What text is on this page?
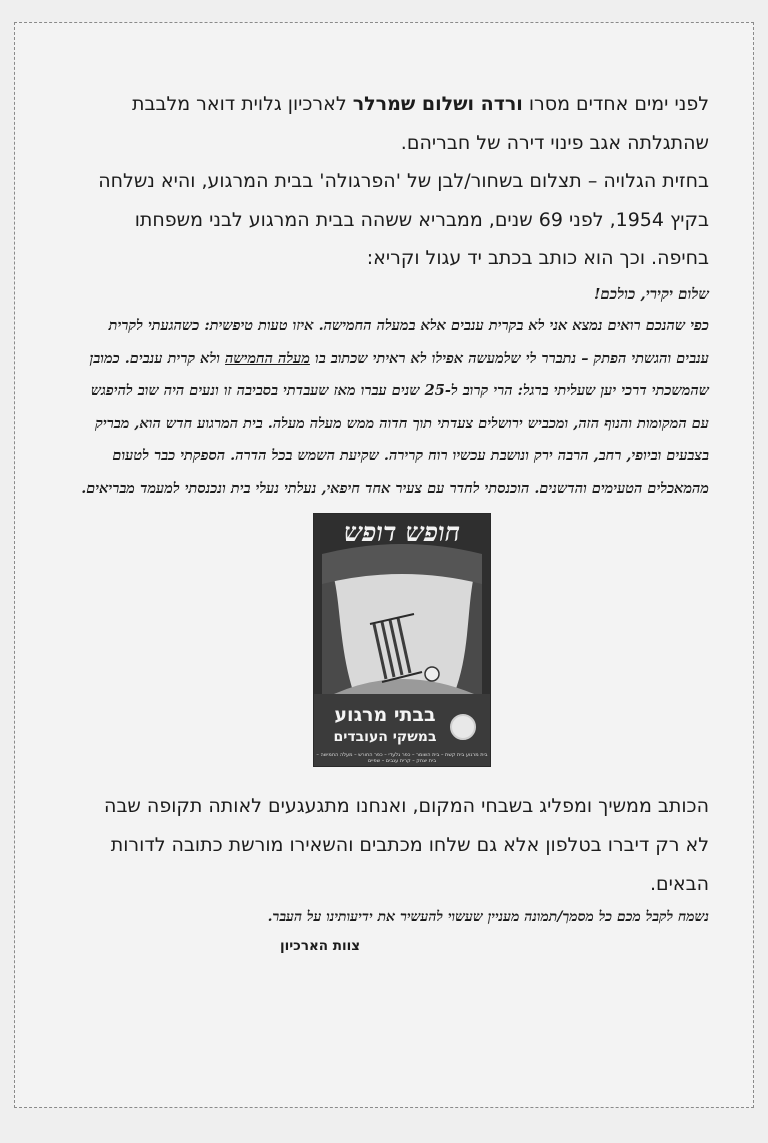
לפני ימים אחדים מסרו ורדה ושלום שמרלר לארכיון גלוית דואר מלבבת שהתגלתה אגב פינוי דירה של חבריהם.

בחזית הגלויה – תצלום בשחור/לבן של 'הפרגולה' בבית המרגוע, והיא נשלחה בקיץ 1954, לפני 69 שנים, ממבריא ששהה בבית המרגוע לבני משפחתו בחיפה. וכך הוא כותב בכתב יד עגול וקריא:

שלום יקירי, כולכם!

כפי שהנכם רואים נמצא אני לא בקרית ענבים אלא במעלה החמישה. איזו טעות טיפשית: כשהגעתי לקרית ענבים והגשתי הפתק – נתברר לי שלמעשה אפילו לא ראיתי שכתוב בו מעלה החמישה ולא קרית ענבים. כמובן שהמשכתי דרכי יען שעליתי ברגל: הרי קרוב ל-25 שנים עברו מאז שעבדתי בסביבה זו ונעים היה שוב להיפגש עם המקומות והנוף הזה, ומכביש ירושלים צעדתי תוך חדוה ממש מעלה מעלה. בית המרגוע חדש הוא, מבריק בצבעים וביופי, רחב, הרבה ירק ונושבת עכשיו רוח קרירה. שקיעת השמש בכל הדרה. הספקתי כבר לטעום מהמאכלים הטעימים והדשנים. הוכנסתי לחדר עם צעיר אחד חיפאי, נעלתי נעלי בית ונכנסתי למעמד מבריאים.

חופש דופש
בבתי מרגוע
במשקי העובדים
בית מרגוע בית קשת – בית השומר – כפר גלעדי – כפר החורש – מעלה החמישה – בית יצחק – קרית ענבים – שפיים

הכותב ממשיך ומפליג בשבחי המקום, ואנחנו מתגעגעים לאותה תקופה שבה לא רק דיברו בטלפון אלא גם שלחו מכתבים והשאירו מורשת כתובה לדורות הבאים.

נשמח לקבל מכם כל מסמך/תמונה מעניין שעשוי להעשיר את ידיעותינו על העבר.

צוות הארכיון
